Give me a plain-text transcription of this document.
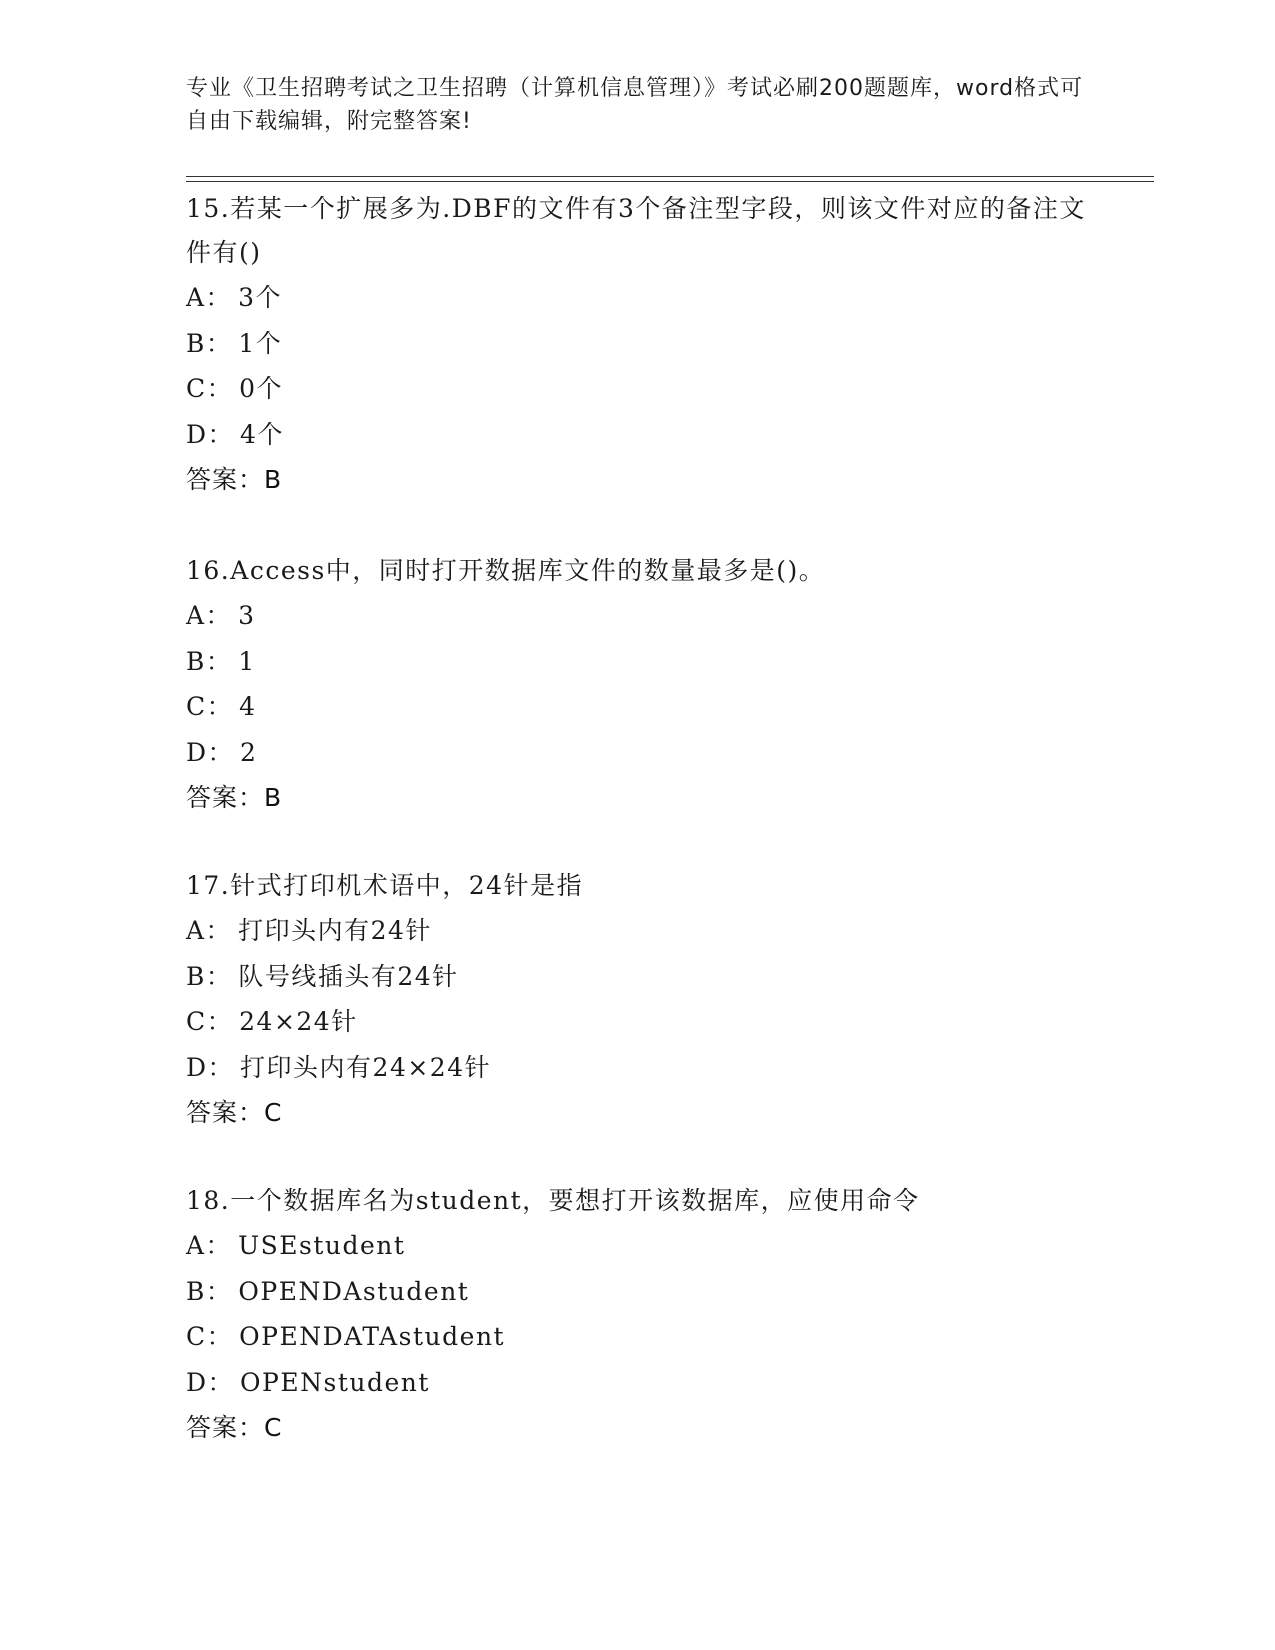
专业《卫生招聘考试之卫生招聘（计算机信息管理）》考试必刷200题题库，word格式可自由下载编辑，附完整答案!

15.若某一个扩展多为.DBF的文件有3个备注型字段，则该文件对应的备注文件有()

A： 3个

B： 1个

C： 0个

D： 4个

答案：B

16.Access中，同时打开数据库文件的数量最多是()。

A： 3

B： 1

C： 4

D： 2

答案：B

17.针式打印机术语中，24针是指

A： 打印头内有24针

B： 队号线插头有24针

C： 24×24针

D： 打印头内有24×24针

答案：C

18.一个数据库名为student，要想打开该数据库，应使用命令

A： USEstudent

B： OPENDAstudent

C： OPENDATAstudent

D： OPENstudent

答案：C
